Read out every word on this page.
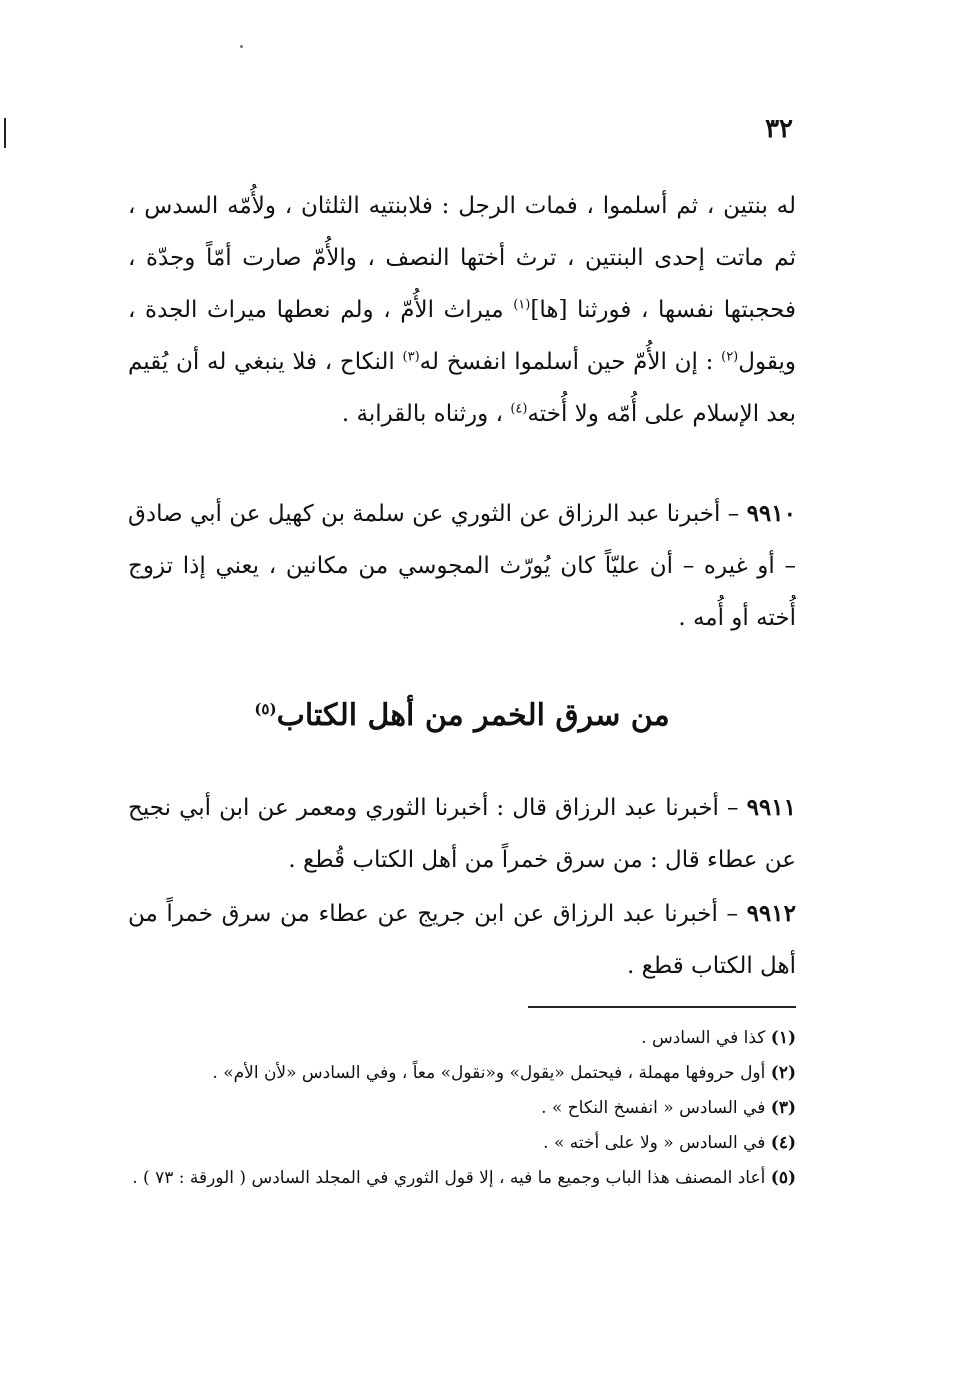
٣٢

له بنتين ، ثم أسلموا ، فمات الرجل : فلابنتيه الثلثان ، ولأُمّه السدس ، ثم ماتت إحدى البنتين ، ترث أختها النصف ، والأُمّ صارت أمّاً وجدّة ، فحجبتها نفسها ، فورثنا [ها]$^{(١)}$ ميراث الأُمّ ، ولم نعطها ميراث الجدة ، ويقول$^{(٢)}$ : إن الأُمّ حين أسلموا انفسخ له$^{(٣)}$ النكاح ، فلا ينبغي له أن يُقيم بعد الإسلام على أُمّه ولا أُخته$^{(٤)}$ ، ورثناه بالقرابة .

٩٩١٠ – أخبرنا عبد الرزاق عن الثوري عن سلمة بن كهيل عن أبي صادق – أو غيره – أن عليّاً كان يُورّث المجوسي من مكانين ، يعني إذا تزوج أُخته أو أُمه .

من سرق الخمر من أهل الكتاب$^{(٥)}$

٩٩١١ – أخبرنا عبد الرزاق قال : أخبرنا الثوري ومعمر عن ابن أبي نجيح عن عطاء قال : من سرق خمراً من أهل الكتاب قُطع .

٩٩١٢ – أخبرنا عبد الرزاق عن ابن جريج عن عطاء من سرق خمراً من أهل الكتاب قطع .

(١) كذا في السادس .
(٢) أول حروفها مهملة ، فيحتمل «يقول» و«نقول» معاً ، وفي السادس «لأن الأم» .
(٣) في السادس « انفسخ النكاح » .
(٤) في السادس « ولا على أخته » .
(٥) أعاد المصنف هذا الباب وجميع ما فيه ، إلا قول الثوري في المجلد السادس ( الورقة : ٧٣ ) .
